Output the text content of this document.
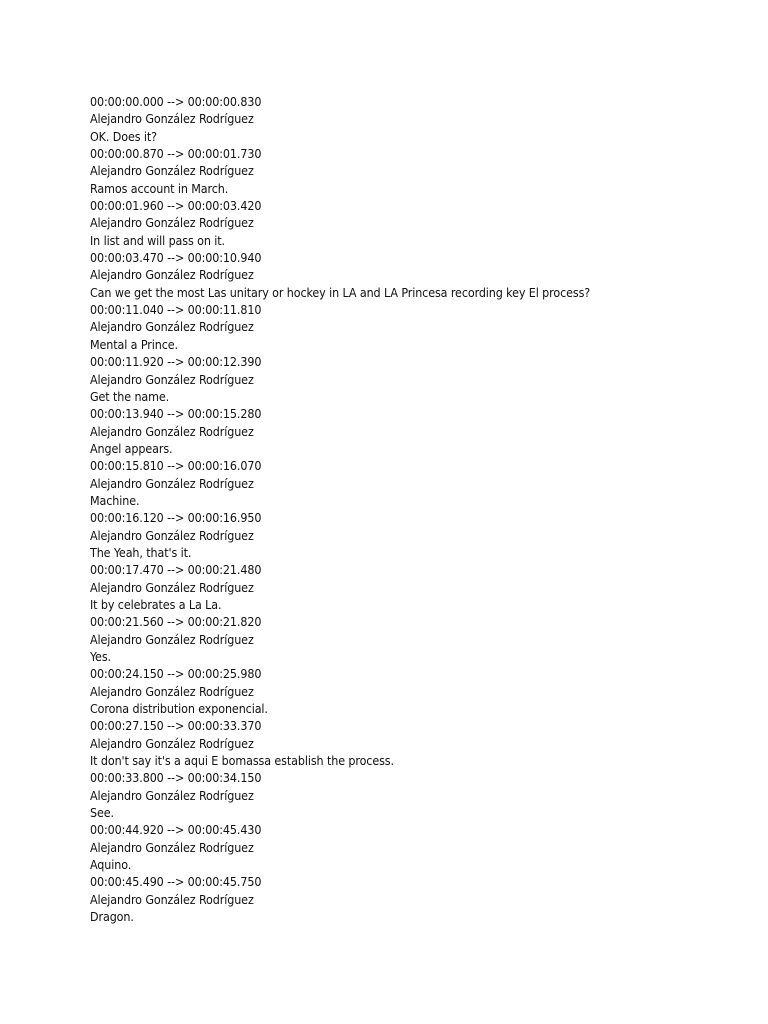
00:00:00.000 --> 00:00:00.830
Alejandro González Rodríguez
OK. Does it?
00:00:00.870 --> 00:00:01.730
Alejandro González Rodríguez
Ramos account in March.
00:00:01.960 --> 00:00:03.420
Alejandro González Rodríguez
In list and will pass on it.
00:00:03.470 --> 00:00:10.940
Alejandro González Rodríguez
Can we get the most Las unitary or hockey in LA and LA Princesa recording key El process?
00:00:11.040 --> 00:00:11.810
Alejandro González Rodríguez
Mental a Prince.
00:00:11.920 --> 00:00:12.390
Alejandro González Rodríguez
Get the name.
00:00:13.940 --> 00:00:15.280
Alejandro González Rodríguez
Angel appears.
00:00:15.810 --> 00:00:16.070
Alejandro González Rodríguez
Machine.
00:00:16.120 --> 00:00:16.950
Alejandro González Rodríguez
The Yeah, that's it.
00:00:17.470 --> 00:00:21.480
Alejandro González Rodríguez
It by celebrates a La La.
00:00:21.560 --> 00:00:21.820
Alejandro González Rodríguez
Yes.
00:00:24.150 --> 00:00:25.980
Alejandro González Rodríguez
Corona distribution exponencial.
00:00:27.150 --> 00:00:33.370
Alejandro González Rodríguez
It don't say it's a aqui E bomassa establish the process.
00:00:33.800 --> 00:00:34.150
Alejandro González Rodríguez
See.
00:00:44.920 --> 00:00:45.430
Alejandro González Rodríguez
Aquino.
00:00:45.490 --> 00:00:45.750
Alejandro González Rodríguez
Dragon.
